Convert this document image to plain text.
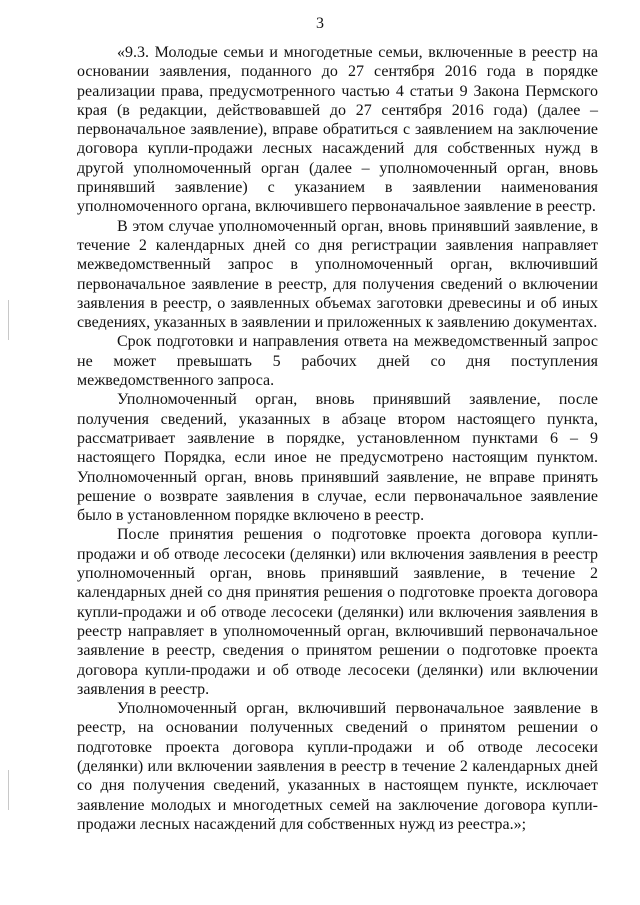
3

«9.3. Молодые семьи и многодетные семьи, включенные в реестр на основании заявления, поданного до 27 сентября 2016 года в порядке реализации права, предусмотренного частью 4 статьи 9 Закона Пермского края (в редакции, действовавшей до 27 сентября 2016 года) (далее – первоначальное заявление), вправе обратиться с заявлением на заключение договора купли-продажи лесных насаждений для собственных нужд в другой уполномоченный орган (далее – уполномоченный орган, вновь принявший заявление) с указанием в заявлении наименования уполномоченного органа, включившего первоначальное заявление в реестр.

В этом случае уполномоченный орган, вновь принявший заявление, в течение 2 календарных дней со дня регистрации заявления направляет межведомственный запрос в уполномоченный орган, включивший первоначальное заявление в реестр, для получения сведений о включении заявления в реестр, о заявленных объемах заготовки древесины и об иных сведениях, указанных в заявлении и приложенных к заявлению документах.

Срок подготовки и направления ответа на межведомственный запрос не может превышать 5 рабочих дней со дня поступления межведомственного запроса.

Уполномоченный орган, вновь принявший заявление, после получения сведений, указанных в абзаце втором настоящего пункта, рассматривает заявление в порядке, установленном пунктами 6 – 9 настоящего Порядка, если иное не предусмотрено настоящим пунктом. Уполномоченный орган, вновь принявший заявление, не вправе принять решение о возврате заявления в случае, если первоначальное заявление было в установленном порядке включено в реестр.

После принятия решения о подготовке проекта договора купли-продажи и об отводе лесосеки (делянки) или включения заявления в реестр уполномоченный орган, вновь принявший заявление, в течение 2 календарных дней со дня принятия решения о подготовке проекта договора купли-продажи и об отводе лесосеки (делянки) или включения заявления в реестр направляет в уполномоченный орган, включивший первоначальное заявление в реестр, сведения о принятом решении о подготовке проекта договора купли-продажи и об отводе лесосеки (делянки) или включении заявления в реестр.

Уполномоченный орган, включивший первоначальное заявление в реестр, на основании полученных сведений о принятом решении о подготовке проекта договора купли-продажи и об отводе лесосеки (делянки) или включении заявления в реестр в течение 2 календарных дней со дня получения сведений, указанных в настоящем пункте, исключает заявление молодых и многодетных семей на заключение договора купли-продажи лесных насаждений для собственных нужд из реестра.»;
